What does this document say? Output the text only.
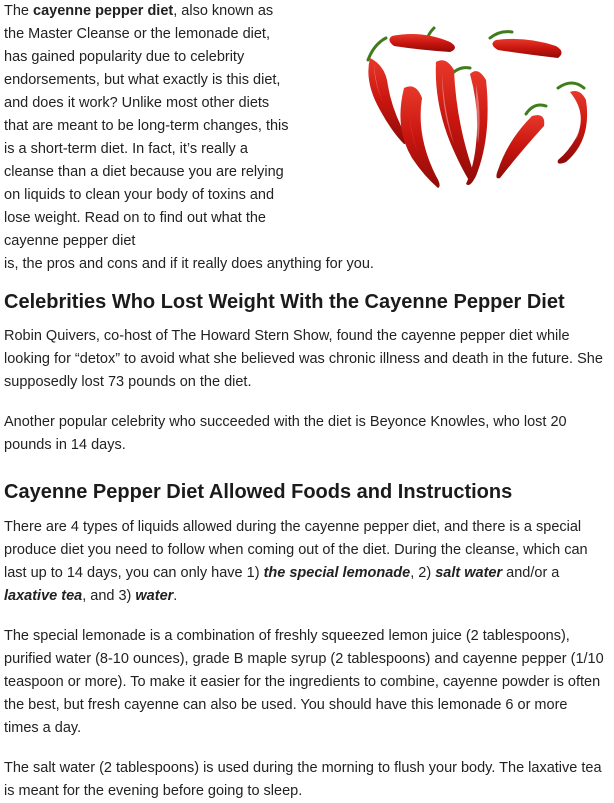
The cayenne pepper diet, also known as the Master Cleanse or the lemonade diet, has gained popularity due to celebrity endorsements, but what exactly is this diet, and does it work? Unlike most other diets that are meant to be long-term changes, this is a short-term diet. In fact, it’s really a cleanse than a diet because you are relying on liquids to clean your body of toxins and lose weight. Read on to find out what the cayenne pepper diet

is, the pros and cons and if it really does anything for you.

Celebrities Who Lost Weight With the Cayenne Pepper Diet

Robin Quivers, co-host of The Howard Stern Show, found the cayenne pepper diet while looking for “detox” to avoid what she believed was chronic illness and death in the future. She supposedly lost 73 pounds on the diet.

Another popular celebrity who succeeded with the diet is Beyonce Knowles, who lost 20 pounds in 14 days.

Cayenne Pepper Diet Allowed Foods and Instructions

There are 4 types of liquids allowed during the cayenne pepper diet, and there is a special produce diet you need to follow when coming out of the diet. During the cleanse, which can last up to 14 days, you can only have 1) the special lemonade, 2) salt water and/or a laxative tea, and 3) water.

The special lemonade is a combination of freshly squeezed lemon juice (2 tablespoons), purified water (8-10 ounces), grade B maple syrup (2 tablespoons) and cayenne pepper (1/10 teaspoon or more). To make it easier for the ingredients to combine, cayenne powder is often the best, but fresh cayenne can also be used. You should have this lemonade 6 or more times a day.

The salt water (2 tablespoons) is used during the morning to flush your body. The laxative tea is meant for the evening before going to sleep.
